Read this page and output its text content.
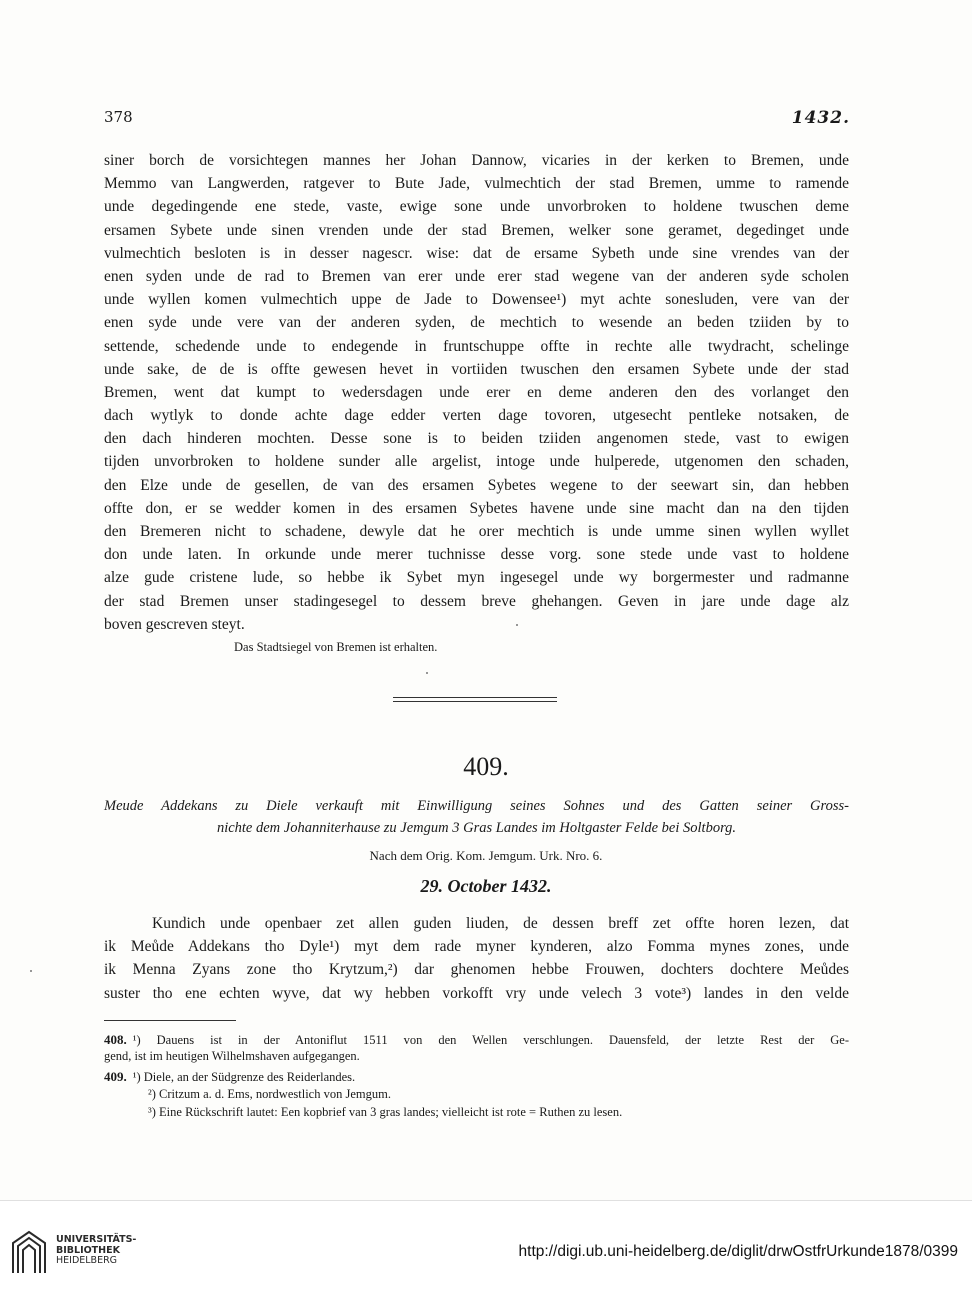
378	1432.
siner borch de vorsichtegen mannes her Johan Dannow, vicaries in der kerken to Bremen, unde
Memmo van Langwerden, ratgever to Bute Jade, vulmechtich der stad Bremen, umme to ramende
unde degedingende ene stede, vaste, ewige sone unde unvorbroken to holdene twuschen deme
ersamen Sybete unde sinen vrenden unde der stad Bremen, welker sone geramet, degedinget unde
vulmechtich besloten is in desser nagescr. wise: dat de ersame Sybeth unde sine vrendes van der
enen syden unde de rad to Bremen van erer unde erer stad wegene van der anderen syde scholen
unde wyllen komen vulmechtich uppe de Jade to Dowensee¹) myt achte sonesluden, vere van der
enen syde unde vere van der anderen syden, de mechtich to wesende an beden tziiden by to
settende, schedende unde to endegende in fruntschuppe offte in rechte alle twydracht, schelinge
unde sake, de de is offte gewesen hevet in vortiiden twuschen den ersamen Sybete unde der stad
Bremen, went dat kumpt to wedersdagen unde erer en deme anderen den des vorlanget den
dach wytlyk to donde achte dage edder verten dage tovoren, utgesecht pentleke notsaken, de
den dach hinderen mochten. Desse sone is to beiden tziiden angenomen stede, vast to ewigen
tijden unvorbroken to holdene sunder alle argelist, intoge unde hulperede, utgenomen den schaden,
den Elze unde de gesellen, de van des ersamen Sybetes wegene to der seewart sin, dan hebben
offte don, er se wedder komen in des ersamen Sybetes havene unde sine macht dan na den tijden
den Bremeren nicht to schadene, dewyle dat he orer mechtich is unde umme sinen wyllen wyllet
don unde laten. In orkunde unde merer tuchnisse desse vorg. sone stede unde vast to holdene
alze gude cristene lude, so hebbe ik Sybet myn ingesegel unde wy borgermester und radmanne
der stad Bremen unser stadingesegel to dessem breve ghehangen. Geven in jare unde dage alz
boven gescreven steyt.
Das Stadtsiegel von Bremen ist erhalten.
409.
Meude Addekans zu Diele verkauft mit Einwilligung seines Sohnes und des Gatten seiner Gross-
nichte dem Johanniterhause zu Jemgum 3 Gras Landes im Holtgaster Felde bei Soltborg.
Nach dem Orig. Kom. Jemgum. Urk. Nro. 6.
29. October 1432.
Kundich unde openbaer zet allen guden liuden, de dessen breff zet offte horen lezen, dat
ik Meůde Addekans tho Dyle¹) myt dem rade myner kynderen, alzo Fomma mynes zones, unde
ik Menna Zyans zone tho Krytzum,²) dar ghenomen hebbe Frouwen, dochters dochtere Meůdes
suster tho ene echten wyve, dat wy hebben vorkofft vry unde velech 3 vote³) landes in den velde
408. ¹) Dauens ist in der Antoniflut 1511 von den Wellen verschlungen. Dauensfeld, der letzte Rest der Ge-
gend, ist im heutigen Wilhelmshaven aufgegangen.
409. ¹) Diele, an der Südgrenze des Reiderlandes.
²) Critzum a. d. Ems, nordwestlich von Jemgum.
³) Eine Rückschrift lautet: Een kopbrief van 3 gras landes; vielleicht ist rote = Ruthen zu lesen.
UNIVERSITÄTS-
BIBLIOTHEK
HEIDELBERG
http://digi.ub.uni-heidelberg.de/diglit/drwOstfrUrkunde1878/0399
